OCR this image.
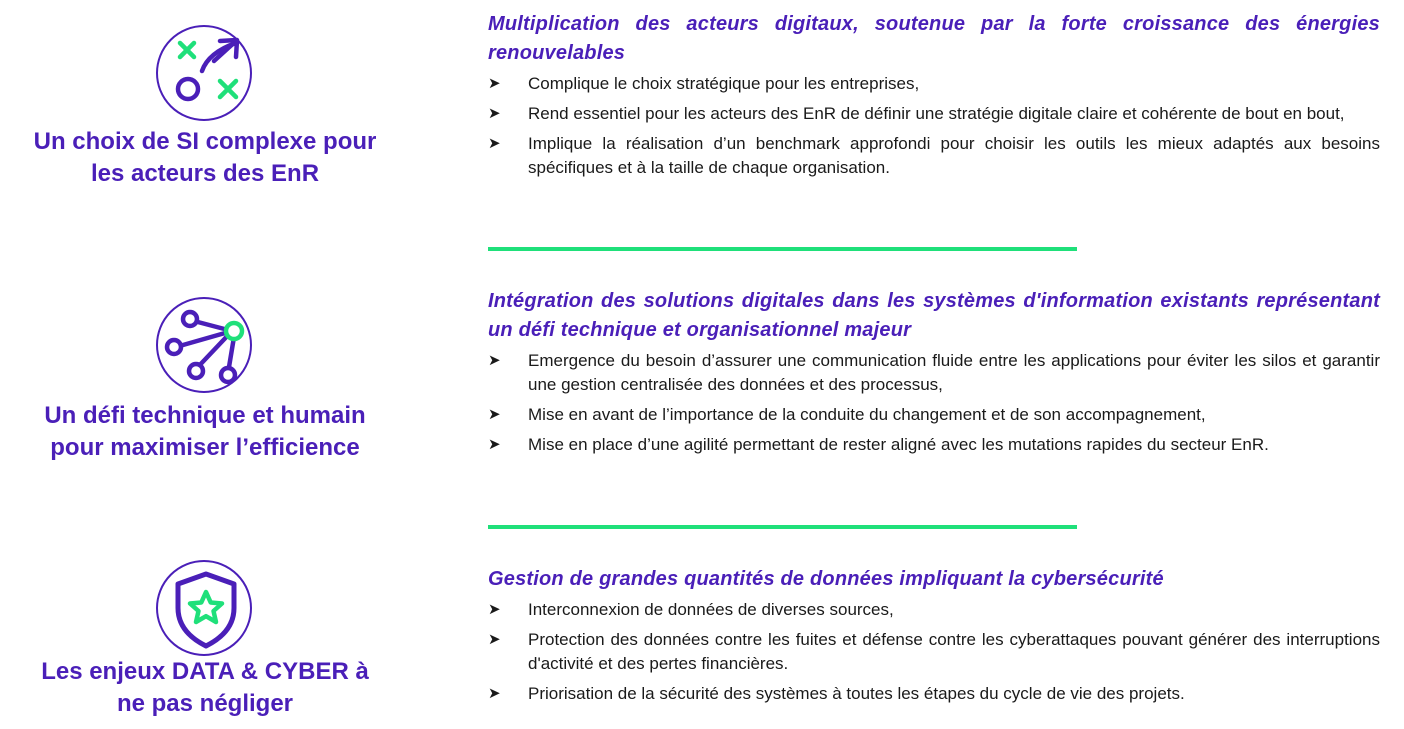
Un choix de SI complexe pour
les acteurs des EnR
Multiplication des acteurs digitaux, soutenue par la forte croissance des énergies renouvelables
➤ Complique le choix stratégique pour les entreprises,
➤ Rend essentiel pour les acteurs des EnR de définir une stratégie digitale claire et cohérente de bout en bout,
➤ Implique la réalisation d’un benchmark approfondi pour choisir les outils les mieux adaptés aux besoins spécifiques et à la taille de chaque organisation.
Un défi technique et humain
pour maximiser l’efficience
Intégration des solutions digitales dans les systèmes d'information existants représentant un défi technique et organisationnel majeur
➤ Emergence du besoin d’assurer une communication fluide entre les applications pour éviter les silos et garantir une gestion centralisée des données et des processus,
➤ Mise en avant de l’importance de la conduite du changement et de son accompagnement,
➤ Mise en place d’une agilité permettant de rester aligné avec les mutations rapides du secteur EnR.
Les enjeux DATA & CYBER à
ne pas négliger
Gestion de grandes quantités de données impliquant la cybersécurité
➤ Interconnexion de données de diverses sources,
➤ Protection des données contre les fuites et défense contre les cyberattaques pouvant générer des interruptions d'activité et des pertes financières.
➤ Priorisation de la sécurité des systèmes à toutes les étapes du cycle de vie des projets.
